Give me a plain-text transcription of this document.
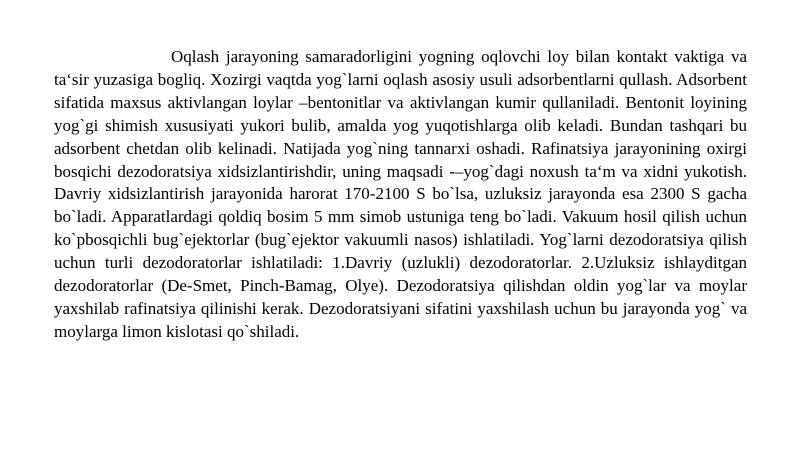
Oqlash jarayoning samaradorligini yogning oqlovchi loy bilan kontakt vaktiga va ta‘sir yuzasiga bogliq. Xozirgi vaqtda yog`larni oqlash asosiy usuli adsorbentlarni qullash. Adsorbent sifatida maxsus aktivlangan loylar –bentonitlar va aktivlangan kumir qullaniladi. Bentonit loyining yog`gi shimish xususiyati yukori bulib, amalda yog yuqotishlarga olib keladi. Bundan tashqari bu adsorbent chetdan olib kelinadi. Natijada yog`ning tannarxi oshadi. Rafinatsiya jarayonining oxirgi bosqichi dezodoratsiya xidsizlantirishdir, uning maqsadi -–yog`dagi noxush ta‘m va xidni yukotish. Davriy xidsizlantirish jarayonida harorat 170-2100 S bo`lsa, uzluksiz jarayonda esa 2300 S gacha bo`ladi. Apparatlardagi qoldiq bosim 5 mm simob ustuniga teng bo`ladi. Vakuum hosil qilish uchun ko`pbosqichli bug`ejektorlar (bug`ejektor vakuumli nasos) ishlatiladi. Yog`larni dezodoratsiya qilish uchun turli dezodoratorlar ishlatiladi: 1.Davriy (uzlukli) dezodoratorlar. 2.Uzluksiz ishlayditgan dezodoratorlar (De-Smet, Pinch-Bamag, Olye). Dezodoratsiya qilishdan oldin yog`lar va moylar yaxshilab rafinatsiya qilinishi kerak. Dezodoratsiyani sifatini yaxshilash uchun bu jarayonda yog` va moylarga limon kislotasi qo`shiladi.
